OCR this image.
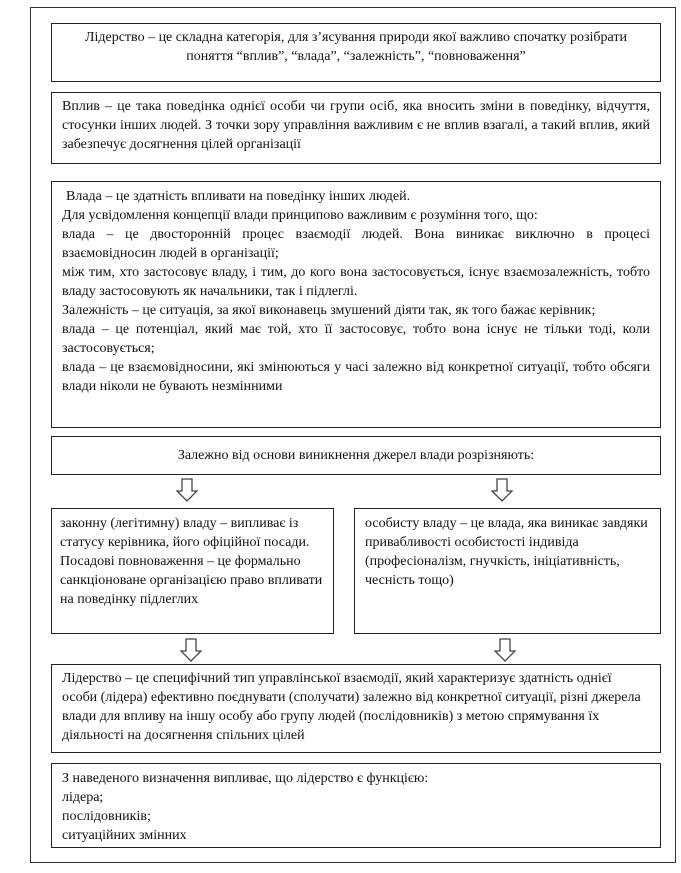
Лідерство – це складна категорія, для з’ясування природи якої важливо спочатку розібрати поняття “вплив”, “влада”, “залежність”, “повноваження”

Вплив – це така поведінка однієї особи чи групи осіб, яка вносить зміни в поведінку, відчуття, стосунки інших людей. З точки зору управління важливим є не вплив взагалі, а такий вплив, який забезпечує досягнення цілей організації

Влада – це здатність впливати на поведінку інших людей.

Для усвідомлення концепції влади принципово важливим є розуміння того, що:

влада – це двосторонній процес взаємодії людей. Вона виникає виключно в процесі взаємовідносин людей в організації;

між тим, хто застосовує владу, і тим, до кого вона застосовується, існує взаємозалежність, тобто владу застосовують як начальники, так і підлеглі.

Залежність – це ситуація, за якої виконавець змушений діяти так, як того бажає керівник;

влада – це потенціал, який має той, хто її застосовує, тобто вона існує не тільки тоді, коли застосовується;

влада – це взаємовідносини, які змінюються у часі залежно від конкретної ситуації, тобто обсяги влади ніколи не бувають незмінними

Залежно від основи виникнення джерел влади розрізняють:

законну (легітимну) владу – випливає із статусу керівника, його офіційної посади. Посадові повноваження – це формально санкціоноване організацією право впливати на поведінку підлеглих

особисту владу – це влада, яка виникає завдяки привабливості особистості індивіда (професіоналізм, гнучкість, ініціативність, чесність тощо)

Лідерство – це специфічний тип управлінської взаємодії, який характеризує здатність однієї особи (лідера) ефективно поєднувати (сполучати) залежно від конкретної ситуації, різні джерела влади для впливу на іншу особу або групу людей (послідовників) з метою спрямування їх діяльності на досягнення спільних цілей

З наведеного визначення випливає, що лідерство є функцією:

лідера;

послідовників;

ситуаційних змінних
